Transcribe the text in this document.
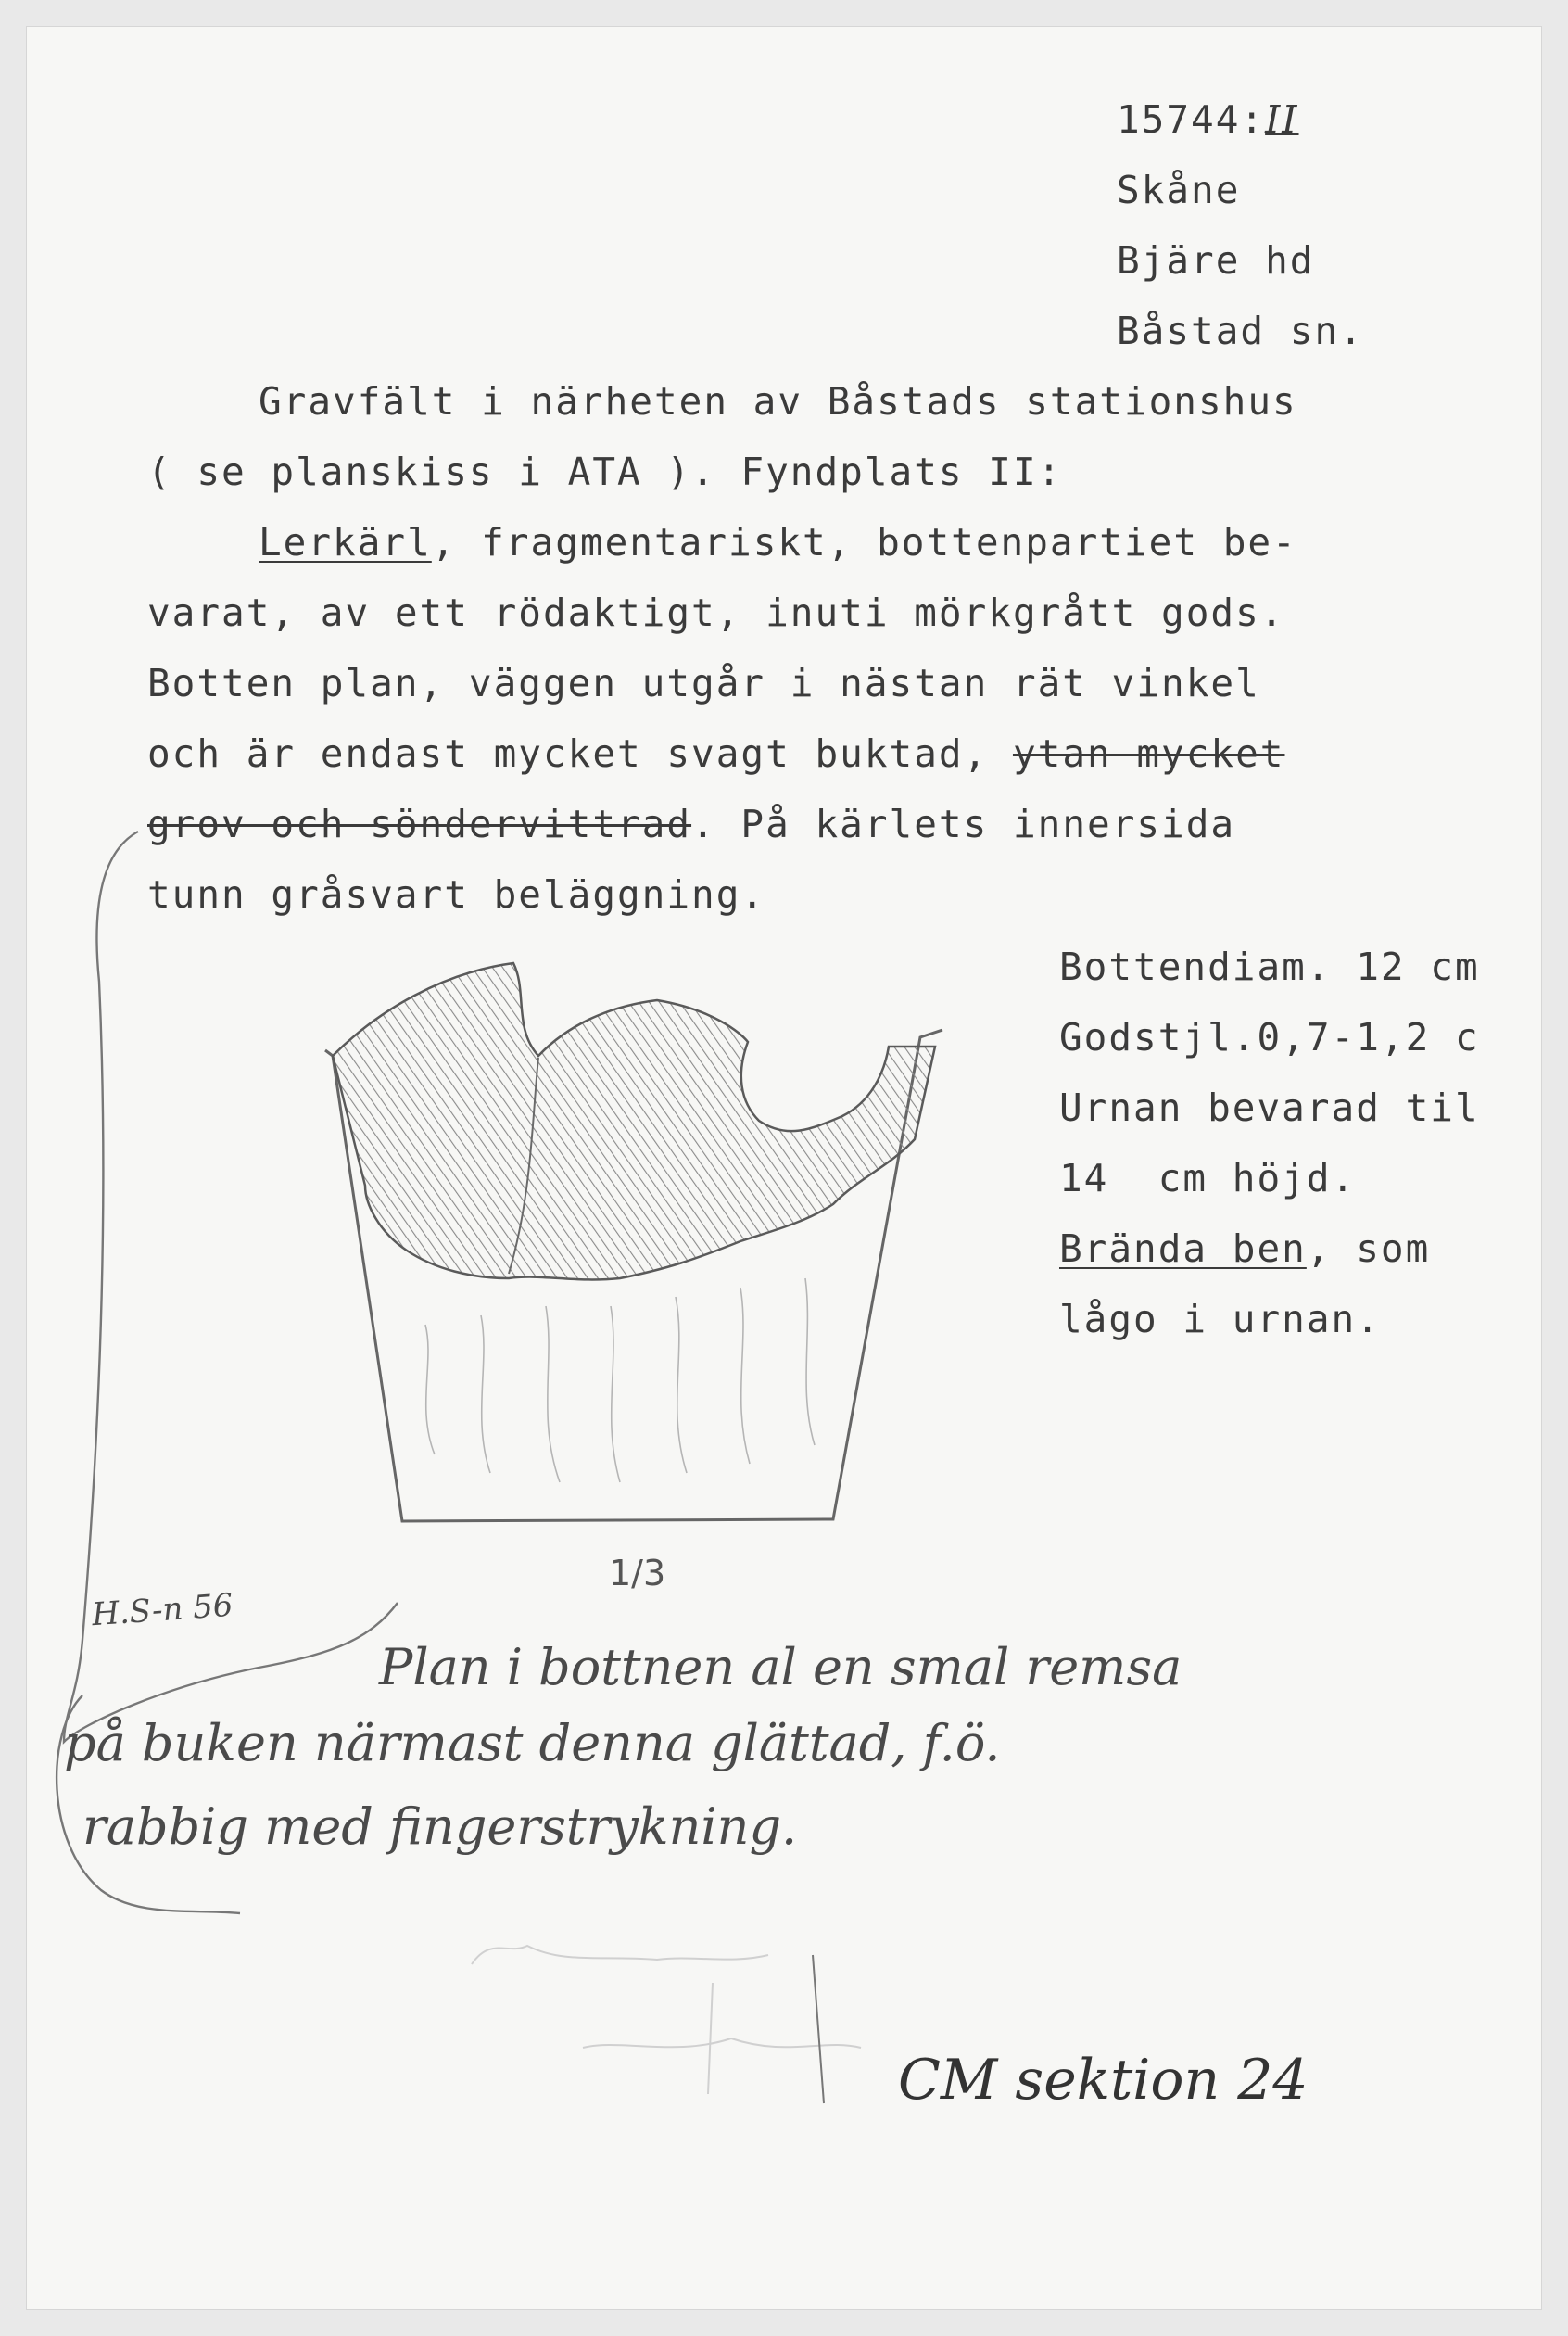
15744:II
Skåne
Bjäre hd
Båstad sn.
Gravfält i närheten av Båstads stationshus
( se planskiss i ATA ). Fyndplats II:
Lerkärl, fragmentariskt, bottenpartiet be-
varat, av ett rödaktigt, inuti mörkgrått gods.
Botten plan, väggen utgår i nästan rät vinkel
och är endast mycket svagt buktad, ytan mycket
grov och söndervittrad. På kärlets innersida
tunn gråsvart beläggning.
Bottendiam. 12 cm
Godstjl.0,7-1,2 c
Urnan bevarad til
14  cm höjd.
Brända ben, som
lågo i urnan.
1/3
H.S-n 56
Plan i bottnen al en smal remsa
på buken närmast denna glättad, f.ö.
rabbig med fingerstrykning.
CM sektion 24
